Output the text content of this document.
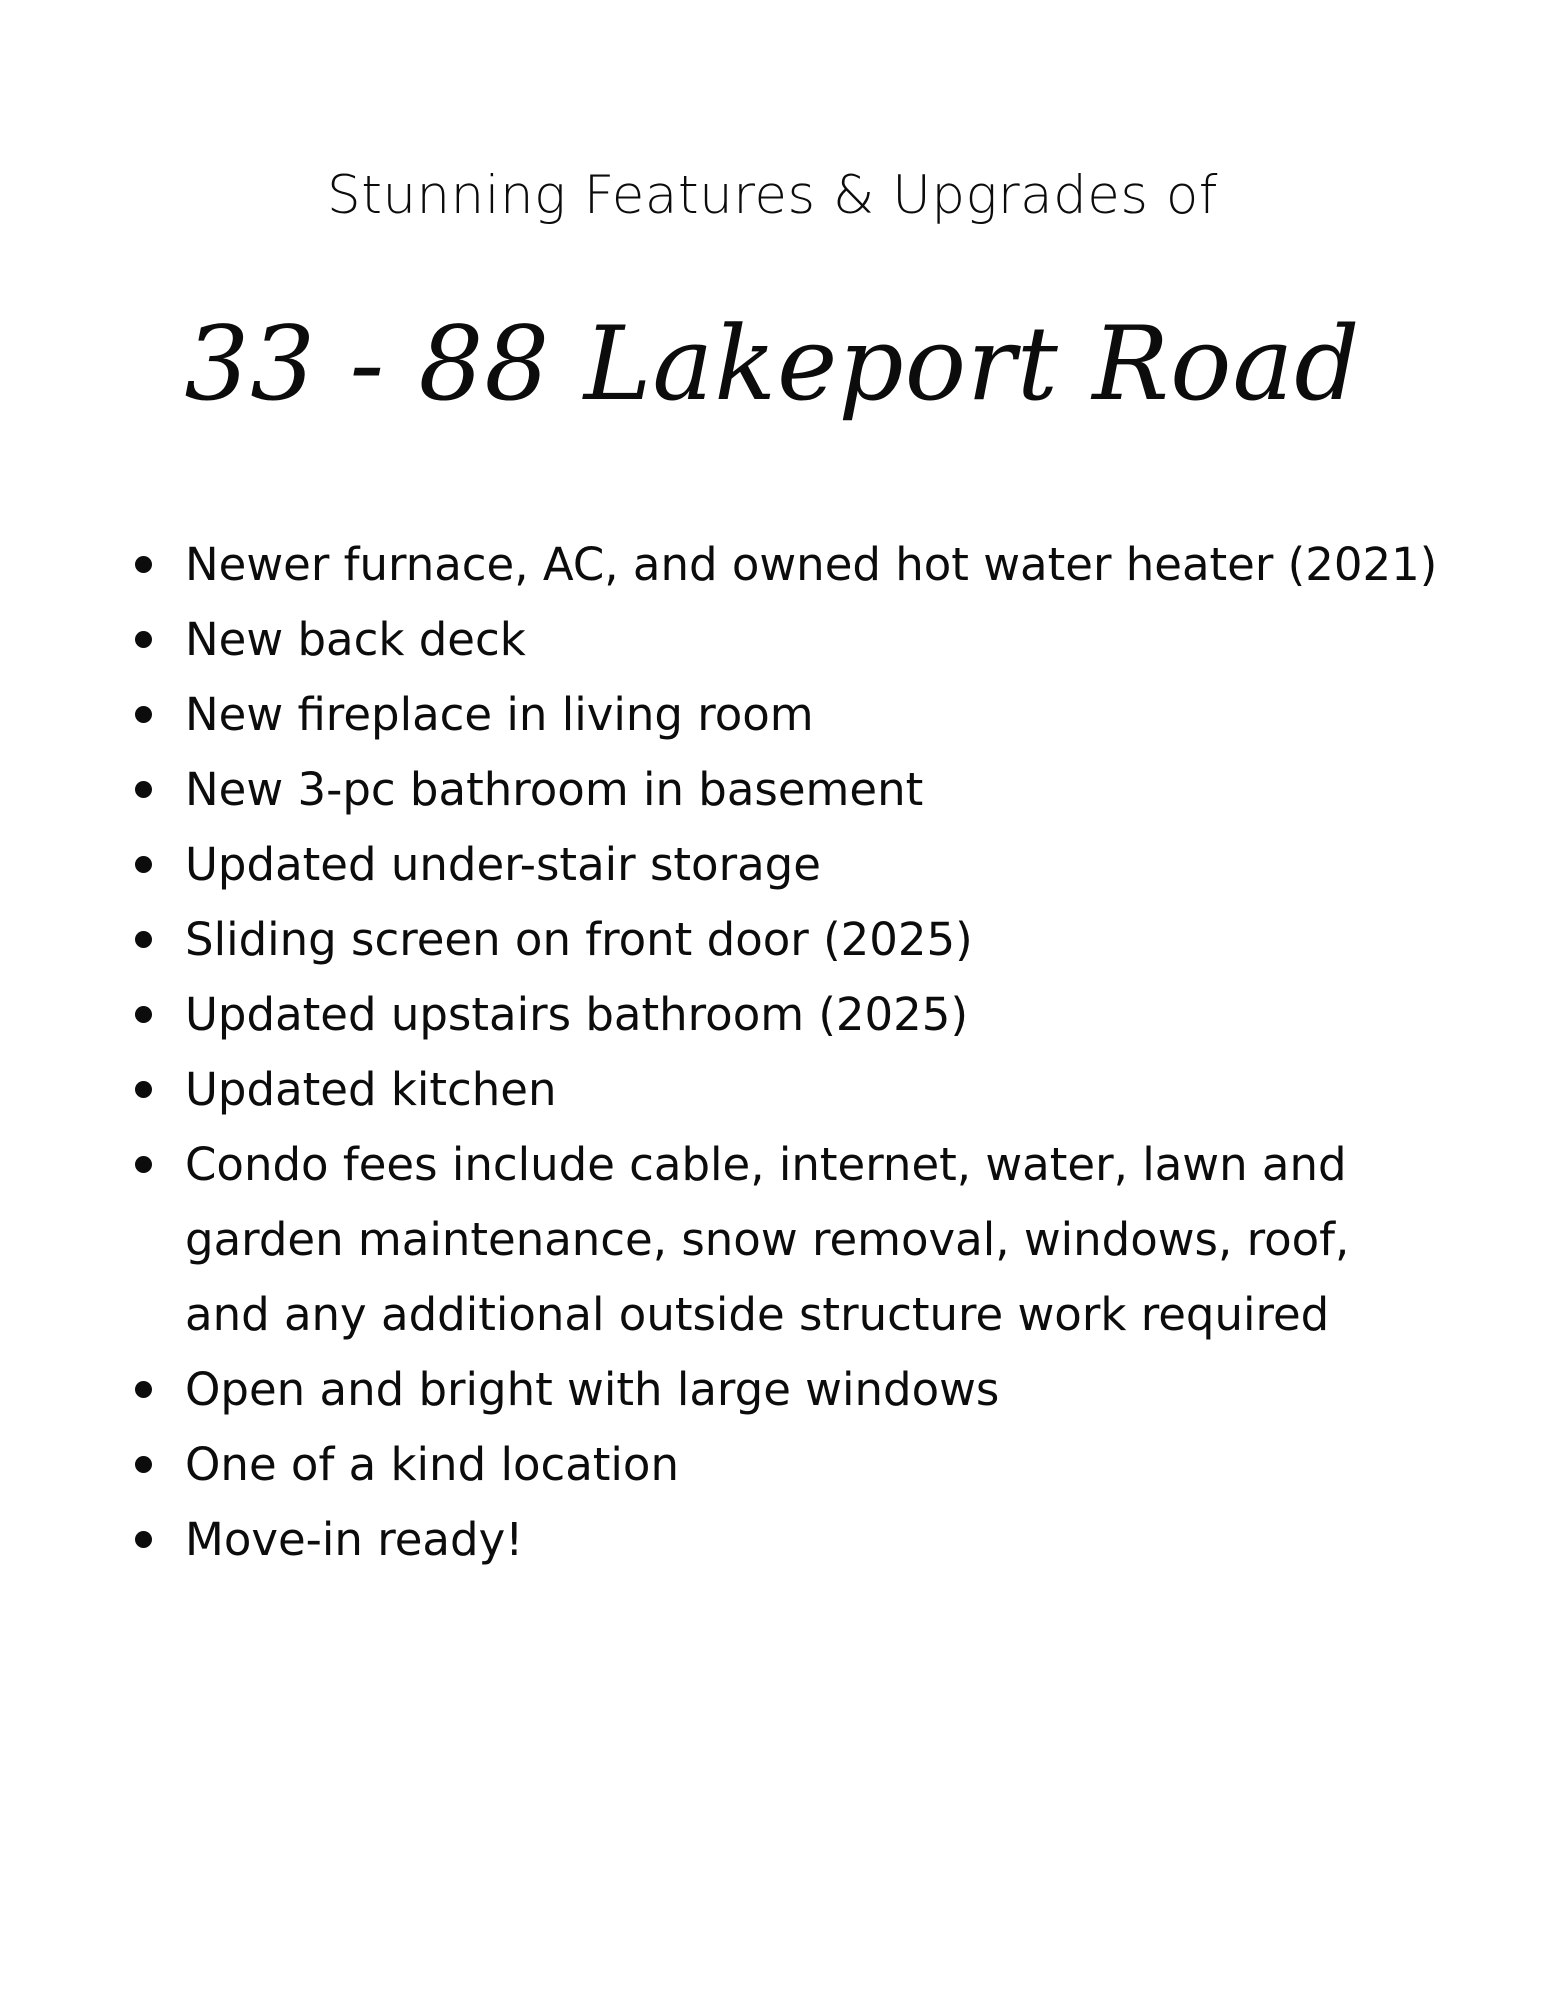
Stunning Features & Upgrades of
33 - 88 Lakeport Road
Newer furnace, AC, and owned hot water heater (2021)
New back deck
New fireplace in living room
New 3-pc bathroom in basement
Updated under-stair storage
Sliding screen on front door (2025)
Updated upstairs bathroom (2025)
Updated kitchen
Condo fees include cable, internet, water, lawn and garden maintenance, snow removal, windows, roof, and any additional outside structure work required
Open and bright with large windows
One of a kind location
Move-in ready!
